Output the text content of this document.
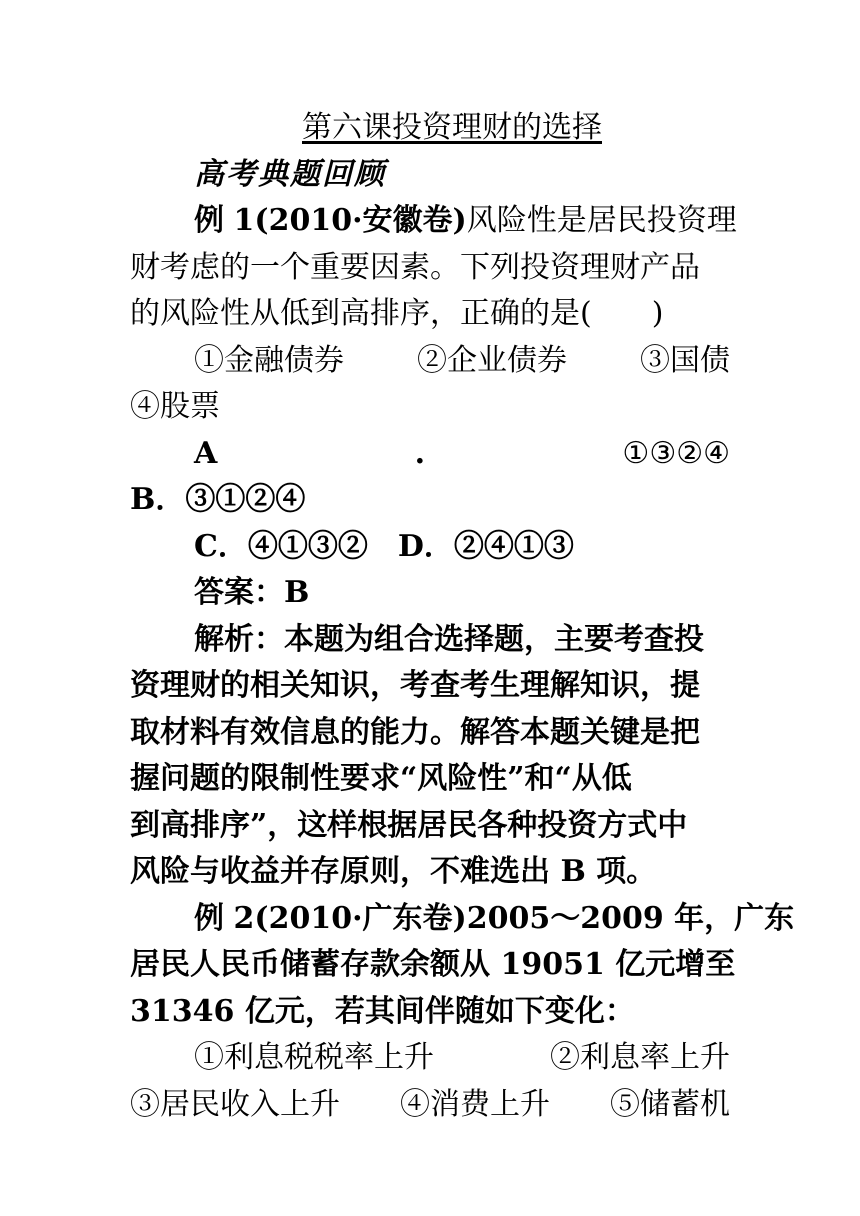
第六课投资理财的选择
高考典题回顾

例 1(2010·安徽卷)风险性是居民投资理

财考虑的一个重要因素。下列投资理财产品

的风险性从低到高排序，正确的是(　　)

①金融债券 ②企业债券 ③国债

④股票

A	.	①③②④

B．③①②④

C．④①③②　 D．②④①③

答案：B

解析：本题为组合选择题，主要考查投

资理财的相关知识，考查考生理解知识，提

取材料有效信息的能力。解答本题关键是把

握问题的限制性要求“风险性”和“从低

到高排序”，这样根据居民各种投资方式中

风险与收益并存原则，不难选出 B 项。

例 2(2010·广东卷)2005～2009 年，广东

居民人民币储蓄存款余额从 19051 亿元增至

31346 亿元，若其间伴随如下变化：

①利息税税率上升	②利息率上升
③居民收入上升 ④消费上升 ⑤储蓄机
